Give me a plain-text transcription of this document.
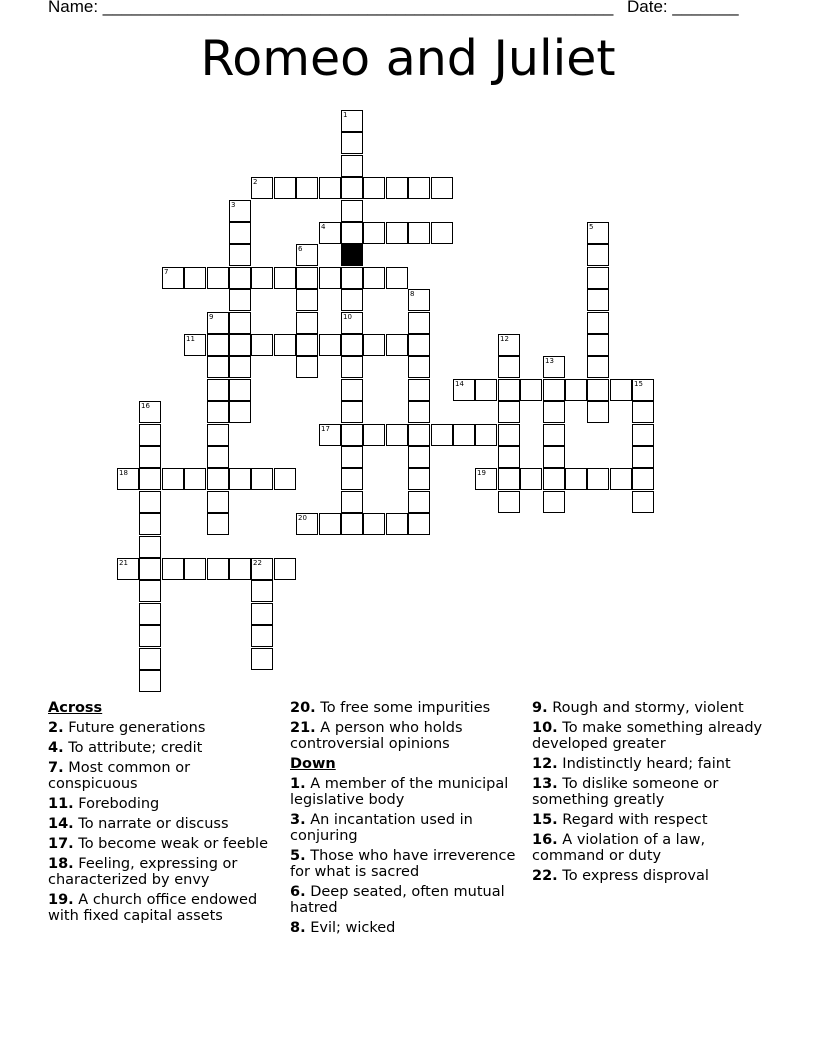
Name: ______________________________________________________ Date: _______
Romeo and Juliet
1
10
2
3
4	5
6
7
8
9
11	12
13
14	15
16
17
18	19
20
21	22
Across
2. Future generations
4. To attribute; credit
7. Most common or conspicuous
11. Foreboding
14. To narrate or discuss
17. To become weak or feeble
18. Feeling, expressing or characterized by envy
19. A church office endowed with fixed capital assets
20. To free some impurities
21. A person who holds controversial opinions
Down
1. A member of the municipal legislative body
3. An incantation used in conjuring
5. Those who have irreverence for what is sacred
6. Deep seated, often mutual hatred
8. Evil; wicked
9. Rough and stormy, violent
10. To make something already developed greater
12. Indistinctly heard; faint
13. To dislike someone or something greatly
15. Regard with respect
16. A violation of a law, command or duty
22. To express disproval
